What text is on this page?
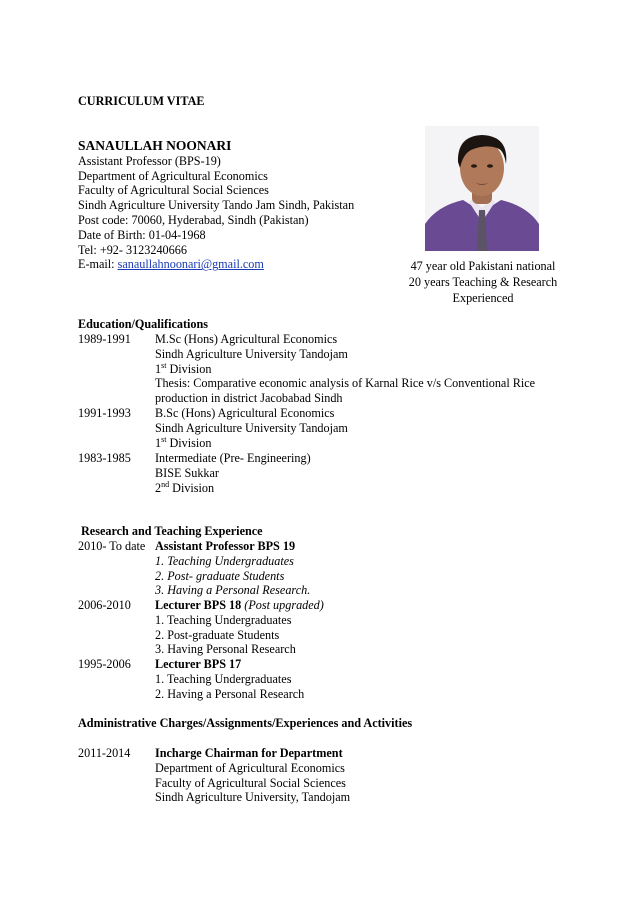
CURRICULUM VITAE
SANAULLAH NOONARI
Assistant Professor (BPS-19)
Department of Agricultural Economics
Faculty of Agricultural Social Sciences
Sindh Agriculture University Tando Jam Sindh, Pakistan
Post code: 70060, Hyderabad, Sindh (Pakistan)
Date of Birth: 01-04-1968
Tel: +92- 3123240666
E-mail: sanaullahnoonari@gmail.com	47 year old Pakistani national
20 years Teaching & Research
Experienced
Education/Qualifications
1989-1991 M.Sc (Hons) Agricultural Economics
Sindh Agriculture University Tandojam
1st Division
Thesis: Comparative economic analysis of Karnal Rice v/s Conventional Rice
production in district Jacobabad Sindh
1991-1993 B.Sc (Hons) Agricultural Economics
Sindh Agriculture University Tandojam
1st Division
1983-1985 Intermediate (Pre- Engineering)
BISE Sukkar
2nd Division
Research and Teaching Experience
2010- To date Assistant Professor BPS 19
1. Teaching Undergraduates
2. Post- graduate Students
3. Having a Personal Research.
2006-2010 Lecturer BPS 18 (Post upgraded)
1. Teaching Undergraduates
2. Post-graduate Students
3. Having Personal Research
1995-2006 Lecturer BPS 17
1. Teaching Undergraduates
2. Having a Personal Research
Administrative Charges/Assignments/Experiences and Activities
2011-2014 Incharge Chairman for Department
Department of Agricultural Economics
Faculty of Agricultural Social Sciences
Sindh Agriculture University, Tandojam
